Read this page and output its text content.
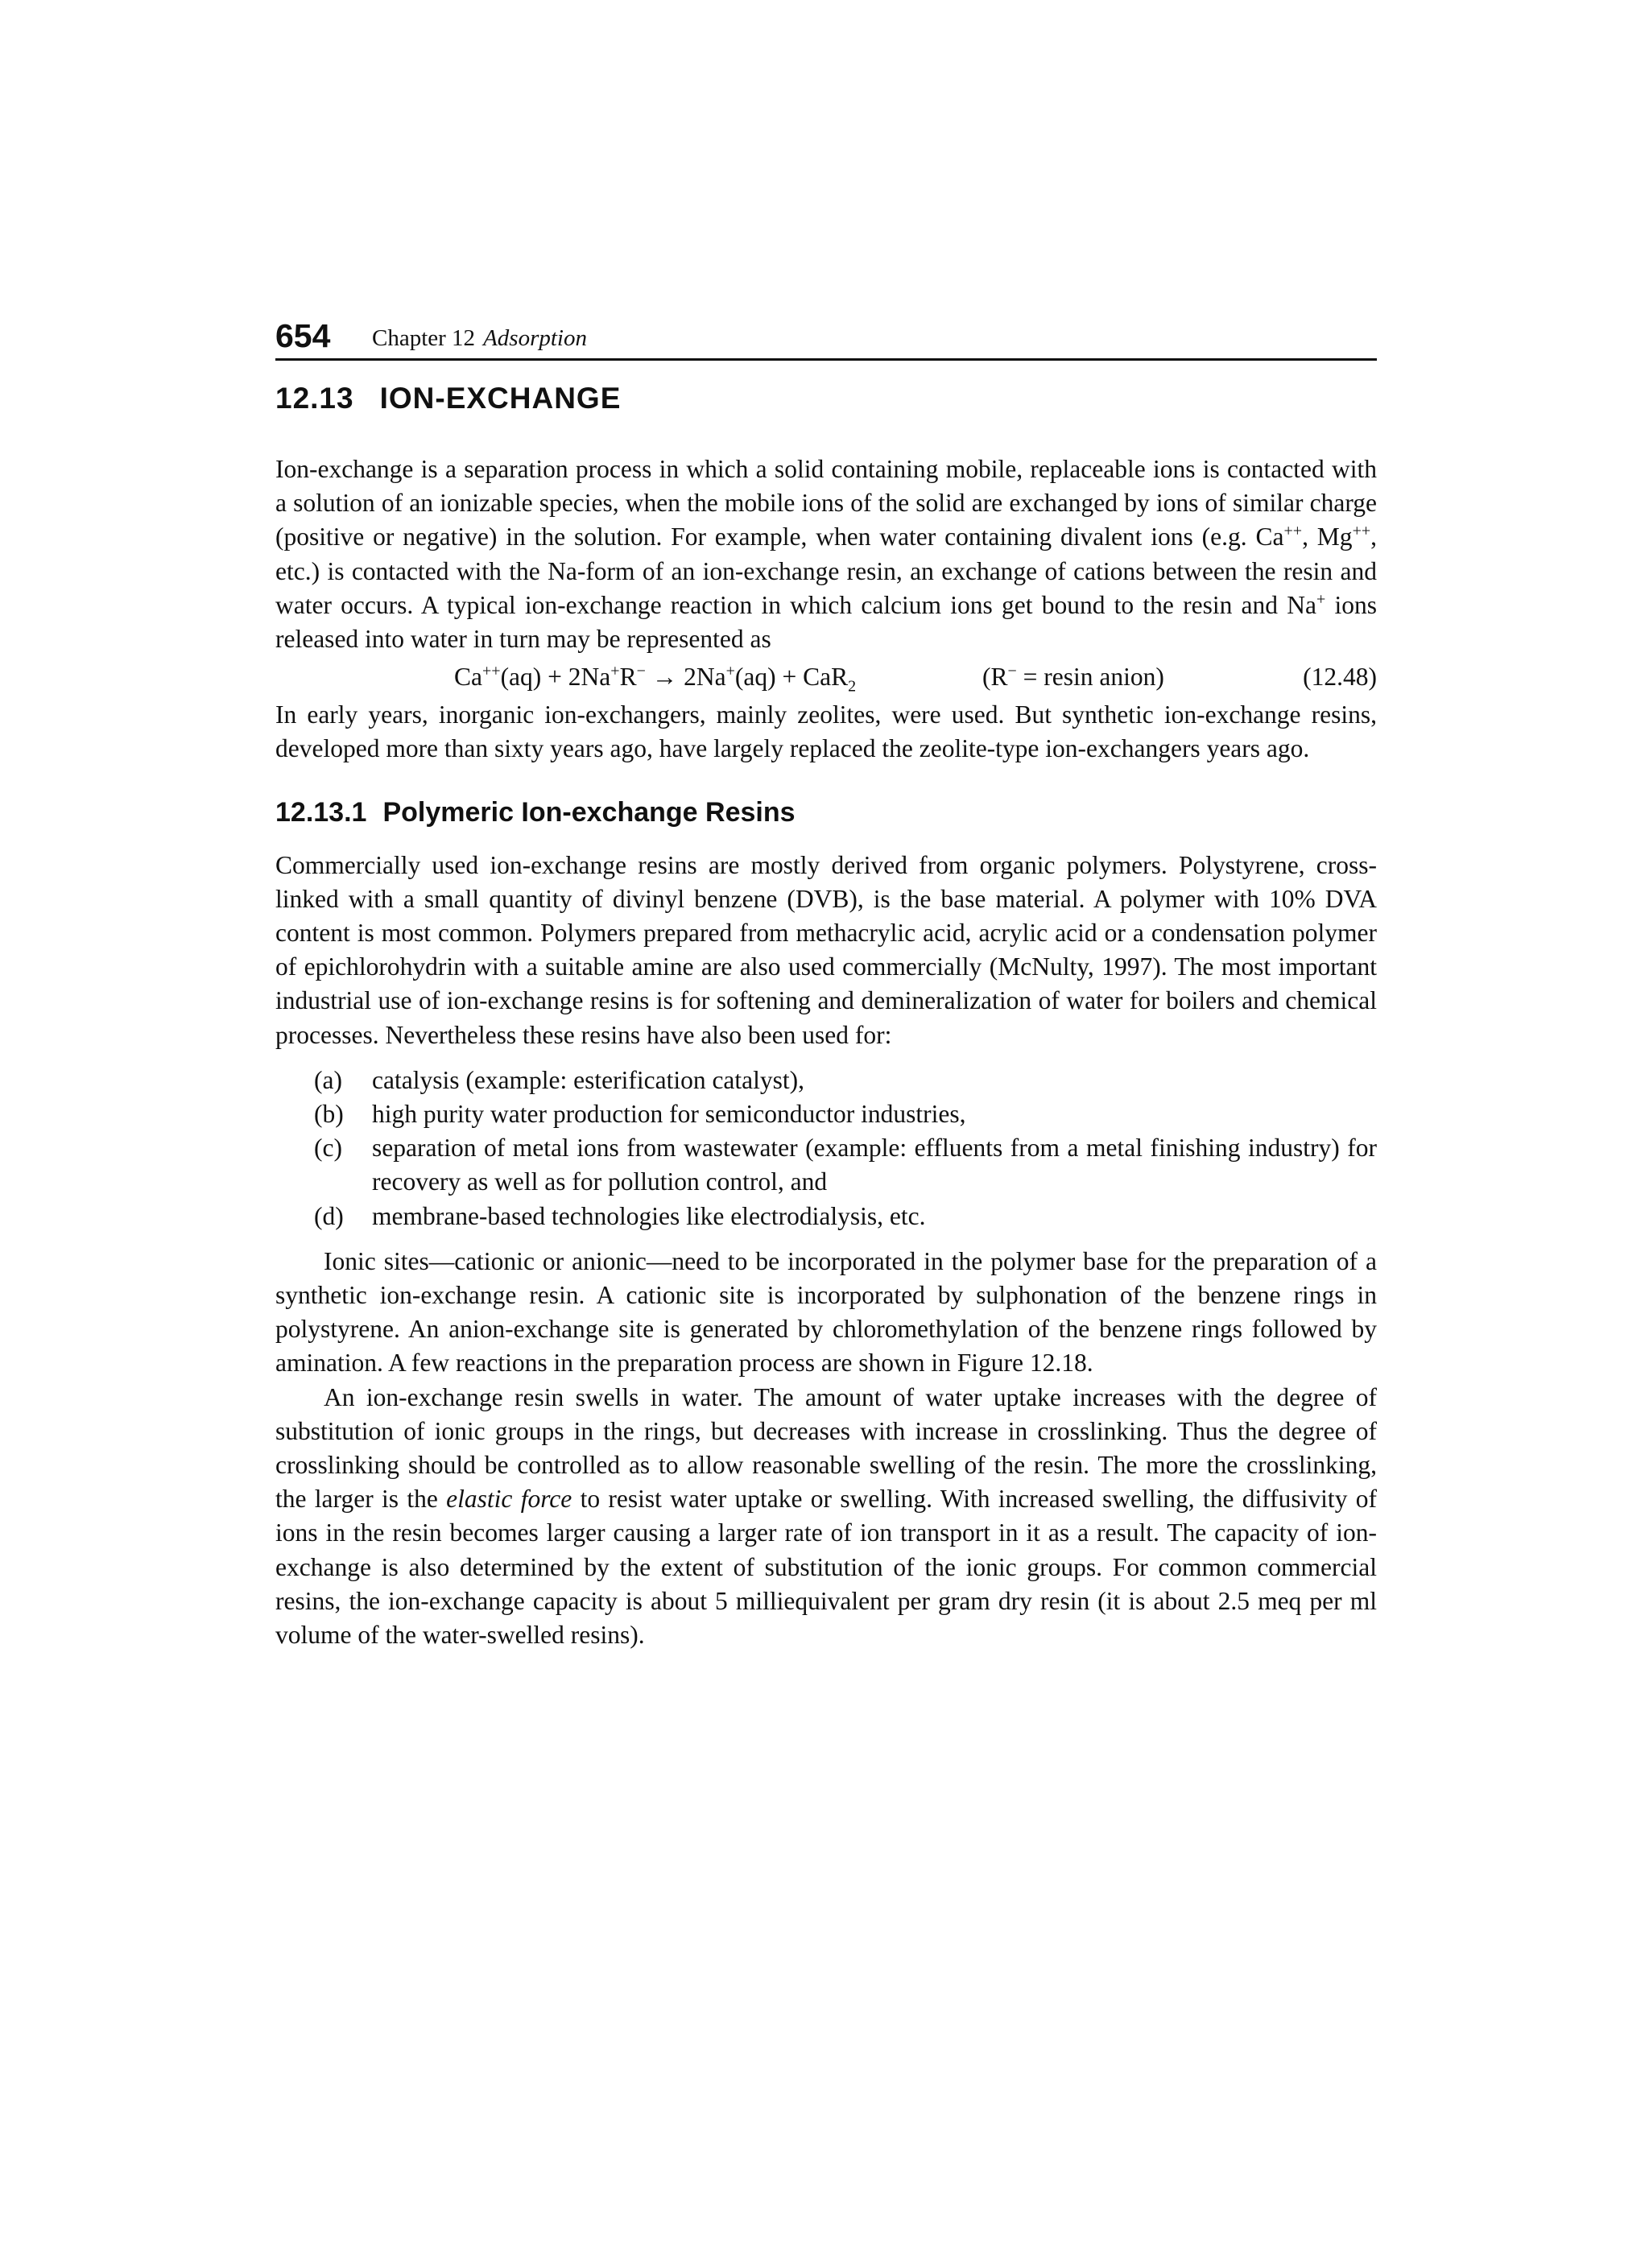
654 Chapter 12 Adsorption
12.13 ION-EXCHANGE

Ion-exchange is a separation process in which a solid containing mobile, replaceable ions is contacted with a solution of an ionizable species, when the mobile ions of the solid are exchanged by ions of similar charge (positive or negative) in the solution. For example, when water containing divalent ions (e.g. Ca++, Mg++, etc.) is contacted with the Na-form of an ion-exchange resin, an exchange of cations between the resin and water occurs. A typical ion-exchange reaction in which calcium ions get bound to the resin and Na+ ions released into water in turn may be represented as

Ca++(aq) + 2Na+R− → 2Na+(aq) + CaR$_2$	(R− = resin anion)	(12.48)

In early years, inorganic ion-exchangers, mainly zeolites, were used. But synthetic ion-exchange resins, developed more than sixty years ago, have largely replaced the zeolite-type ion-exchangers years ago.

12.13.1 Polymeric Ion-exchange Resins

Commercially used ion-exchange resins are mostly derived from organic polymers. Polystyrene, cross-linked with a small quantity of divinyl benzene (DVB), is the base material. A polymer with 10% DVA content is most common. Polymers prepared from methacrylic acid, acrylic acid or a condensation polymer of epichlorohydrin with a suitable amine are also used commercially (McNulty, 1997). The most important industrial use of ion-exchange resins is for softening and demineralization of water for boilers and chemical processes. Nevertheless these resins have also been used for:

(a) catalysis (example: esterification catalyst),
(b) high purity water production for semiconductor industries,
(c) separation of metal ions from wastewater (example: effluents from a metal finishing industry) for recovery as well as for pollution control, and
(d) membrane-based technologies like electrodialysis, etc.

Ionic sites—cationic or anionic—need to be incorporated in the polymer base for the preparation of a synthetic ion-exchange resin. A cationic site is incorporated by sulphonation of the benzene rings in polystyrene. An anion-exchange site is generated by chloromethylation of the benzene rings followed by amination. A few reactions in the preparation process are shown in Figure 12.18.

An ion-exchange resin swells in water. The amount of water uptake increases with the degree of substitution of ionic groups in the rings, but decreases with increase in crosslinking. Thus the degree of crosslinking should be controlled as to allow reasonable swelling of the resin. The more the crosslinking, the larger is the elastic force to resist water uptake or swelling. With increased swelling, the diffusivity of ions in the resin becomes larger causing a larger rate of ion transport in it as a result. The capacity of ion-exchange is also determined by the extent of substitution of the ionic groups. For common commercial resins, the ion-exchange capacity is about 5 milliequivalent per gram dry resin (it is about 2.5 meq per ml volume of the water-swelled resins).
